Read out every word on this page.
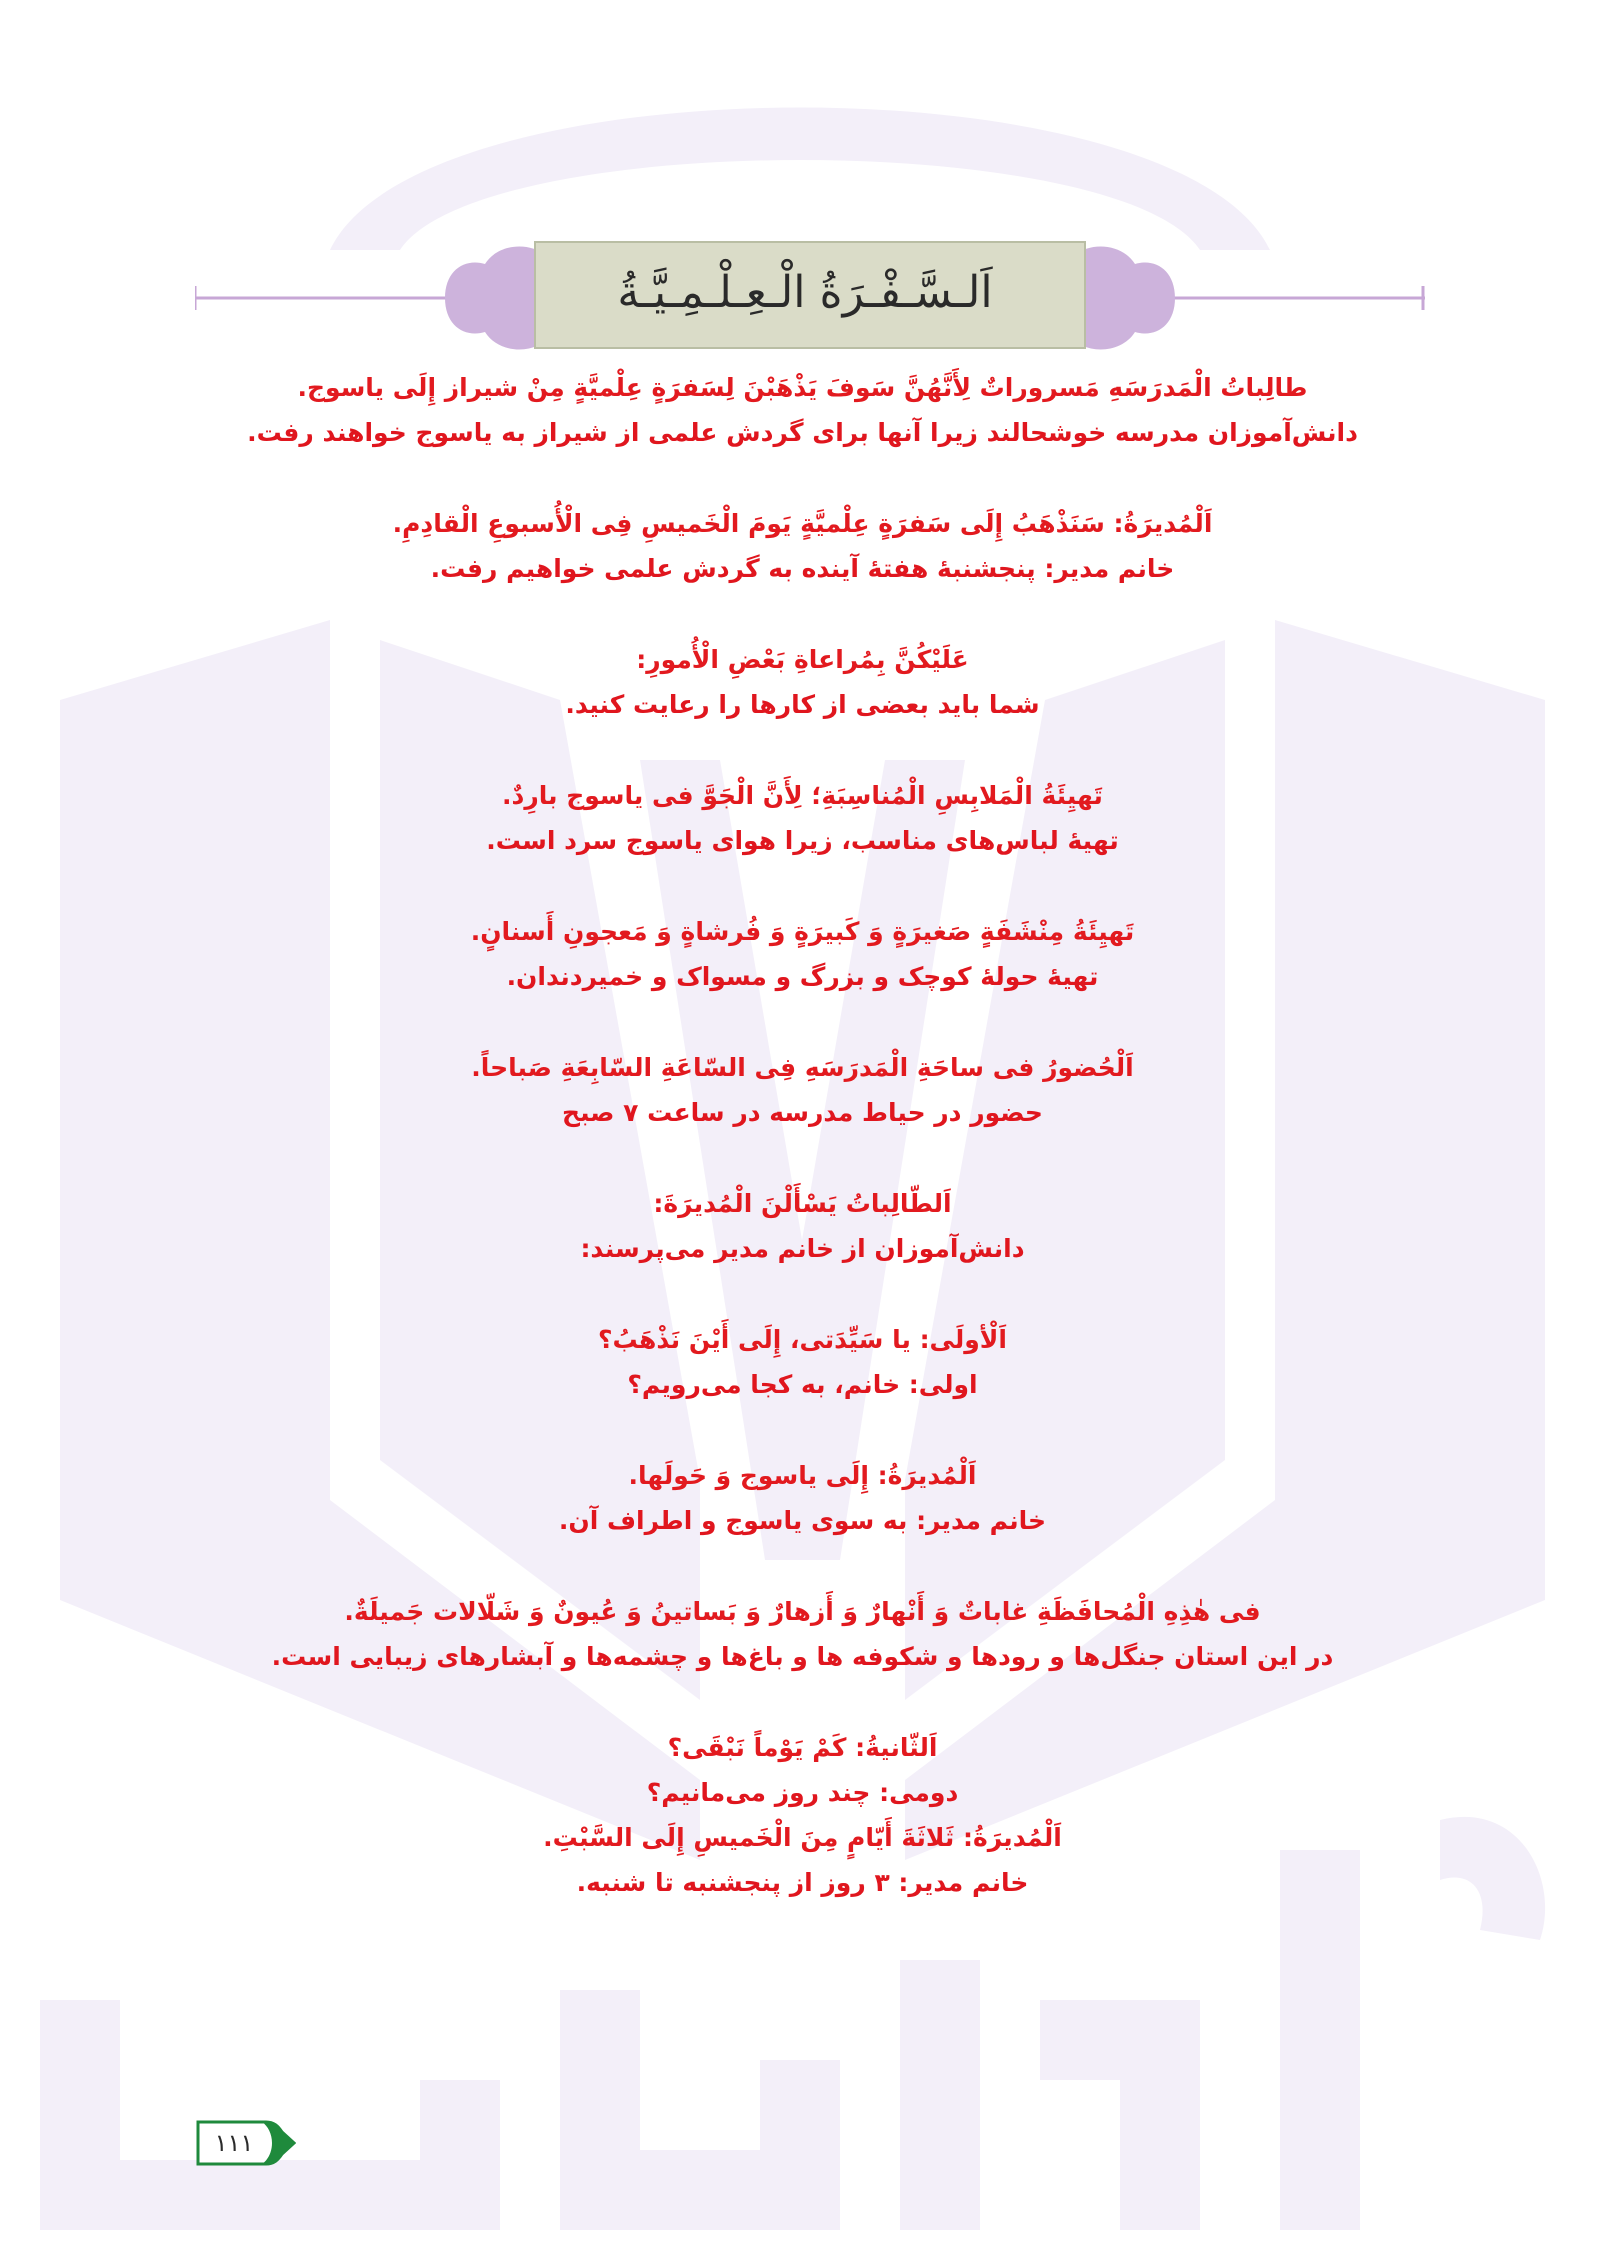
اَلـسَّـفْـرَةُ الْـعِـلْـمِـيَّـةُ
طالِباتُ الْمَدرَسَهِ مَسروراتٌ لِأَنَّهُنَّ سَوفَ يَذْهَبْنَ لِسَفرَةٍ عِلْمیَّةٍ مِنْ شيراز إِلَى یاسوج.
دانش‌آموزان مدرسه خوشحالند زیرا آنها برای گردش علمی از شیراز به یاسوج خواهند رفت.
اَلْمُديرَةُ: سَنَذْهَبُ إِلَى سَفرَةٍ عِلْمیَّةٍ یَومَ الْخَميسِ فِی الْأُسبوعِ الْقادِمِ.
خانم مدیر: پنجشنبهٔ هفتهٔ آینده به گردش علمی خواهیم رفت.
عَلَيْكُنَّ بِمُراعاةِ بَعْضِ الْأُمورِ:
شما باید بعضی از کارها را رعایت کنید.
تَهيِئَةُ الْمَلابِسِ الْمُناسِبَةِ؛ لِأَنَّ الْجَوَّ فی یاسوج بارِدٌ.
تهیهٔ لباس‌های مناسب، زیرا هوای یاسوج سرد است.
تَهيِئَةُ مِنْشَفَةٍ صَغيرَةٍ وَ كَبيرَةٍ وَ فُرشاةٍ وَ مَعجونِ أَسنانٍ.
تهیهٔ حولهٔ کوچک و بزرگ و مسواک و خمیردندان.
اَلْحُضورُ فی ساحَةِ الْمَدرَسَهِ فِی السّاعَةِ السّابِعَةِ صَباحاً.
حضور در حیاط مدرسه در ساعت ۷ صبح
اَلطّالِباتُ يَسْأَلْنَ الْمُديرَةَ:
دانش‌آموزان از خانم مدیر می‌پرسند:
اَلْأولَى: يا سَيِّدَتی، إِلَى أَيْنَ نَذْهَبُ؟
اولی: خانم، به کجا می‌رویم؟
اَلْمُديرَةُ: إِلَى یاسوج وَ حَولَها.
خانم مدیر: به سوی یاسوج و اطراف آن.
فی هٰذِهِ الْمُحافَظَةِ غاباتٌ وَ أَنْهارٌ وَ أَزهارٌ وَ بَساتينُ وَ عُيونٌ وَ شَلّالات جَميلَةٌ.
در این استان جنگل‌ها و رودها و شکوفه ها و باغ‌ها و چشمه‌ها و آبشارهای زیبایی است.
اَلثّانيةُ: كَمْ يَوْماً نَبْقَى؟
دومی: چند روز می‌مانیم؟
اَلْمُديرَةُ: ثَلاثَةَ أَيّامٍ مِنَ الْخَميسِ إِلَى السَّبْتِ.
خانم مدیر: ۳ روز از پنجشنبه تا شنبه.
١١١
